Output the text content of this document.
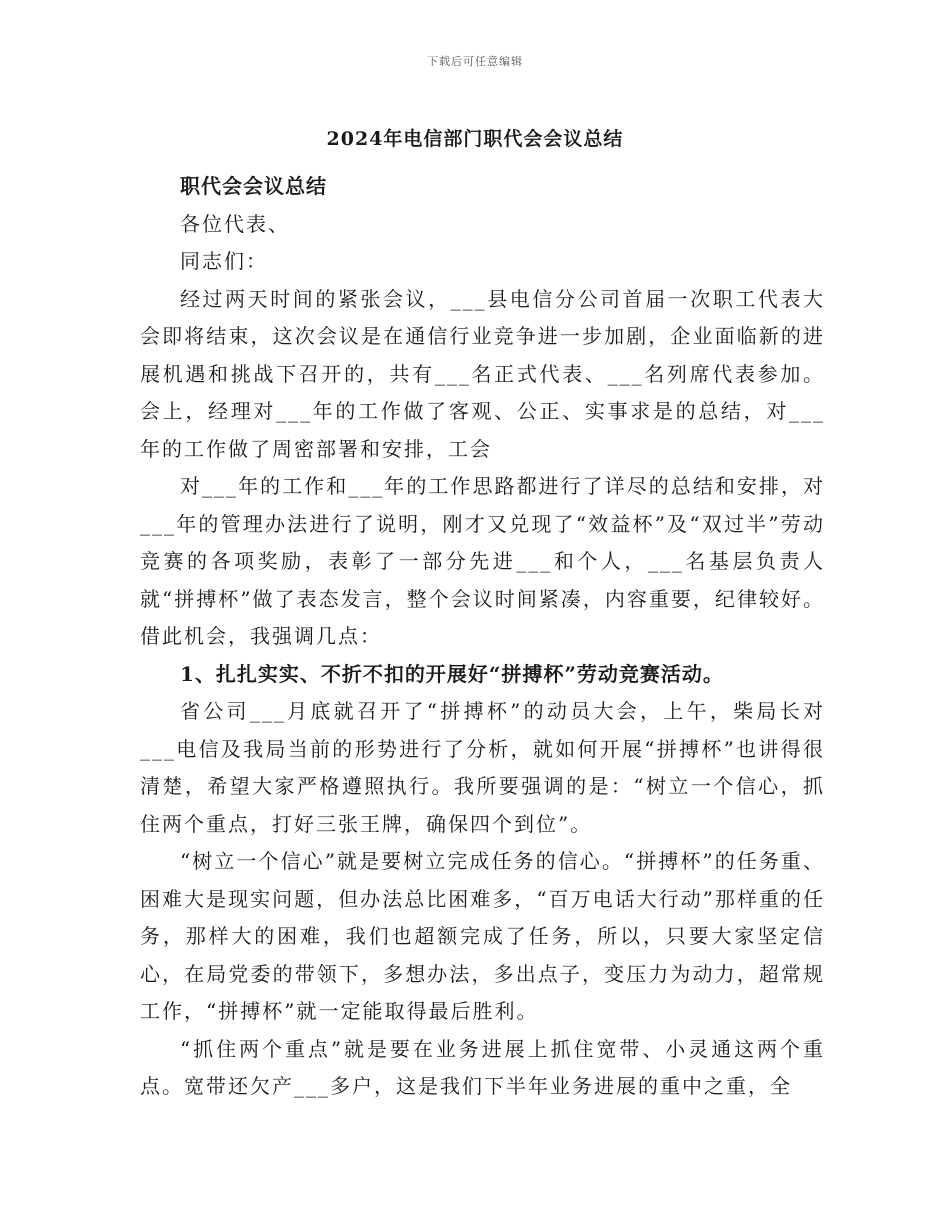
下载后可任意编辑
2024年电信部门职代会会议总结

职代会会议总结

各位代表、

同志们：

经过两天时间的紧张会议，___县电信分公司首届一次职工代表大会即将结束，这次会议是在通信行业竞争进一步加剧，企业面临新的进展机遇和挑战下召开的，共有___名正式代表、___名列席代表参加。会上，经理对___年的工作做了客观、公正、实事求是的总结，对___年的工作做了周密部署和安排，工会

对___年的工作和___年的工作思路都进行了详尽的总结和安排，对___年的管理办法进行了说明，刚才又兑现了“效益杯”及“双过半”劳动竞赛的各项奖励，表彰了一部分先进___和个人，___名基层负责人就“拼搏杯”做了表态发言，整个会议时间紧凑，内容重要，纪律较好。借此机会，我强调几点：

1、扎扎实实、不折不扣的开展好“拼搏杯”劳动竞赛活动。

省公司___月底就召开了“拼搏杯”的动员大会，上午，柴局长对___电信及我局当前的形势进行了分析，就如何开展“拼搏杯”也讲得很清楚，希望大家严格遵照执行。我所要强调的是：“树立一个信心，抓住两个重点，打好三张王牌，确保四个到位”。

“树立一个信心”就是要树立完成任务的信心。“拼搏杯”的任务重、困难大是现实问题，但办法总比困难多，“百万电话大行动”那样重的任务，那样大的困难，我们也超额完成了任务，所以，只要大家坚定信心，在局党委的带领下，多想办法，多出点子，变压力为动力，超常规工作，“拼搏杯”就一定能取得最后胜利。

“抓住两个重点”就是要在业务进展上抓住宽带、小灵通这两个重点。宽带还欠产___多户，这是我们下半年业务进展的重中之重，全
